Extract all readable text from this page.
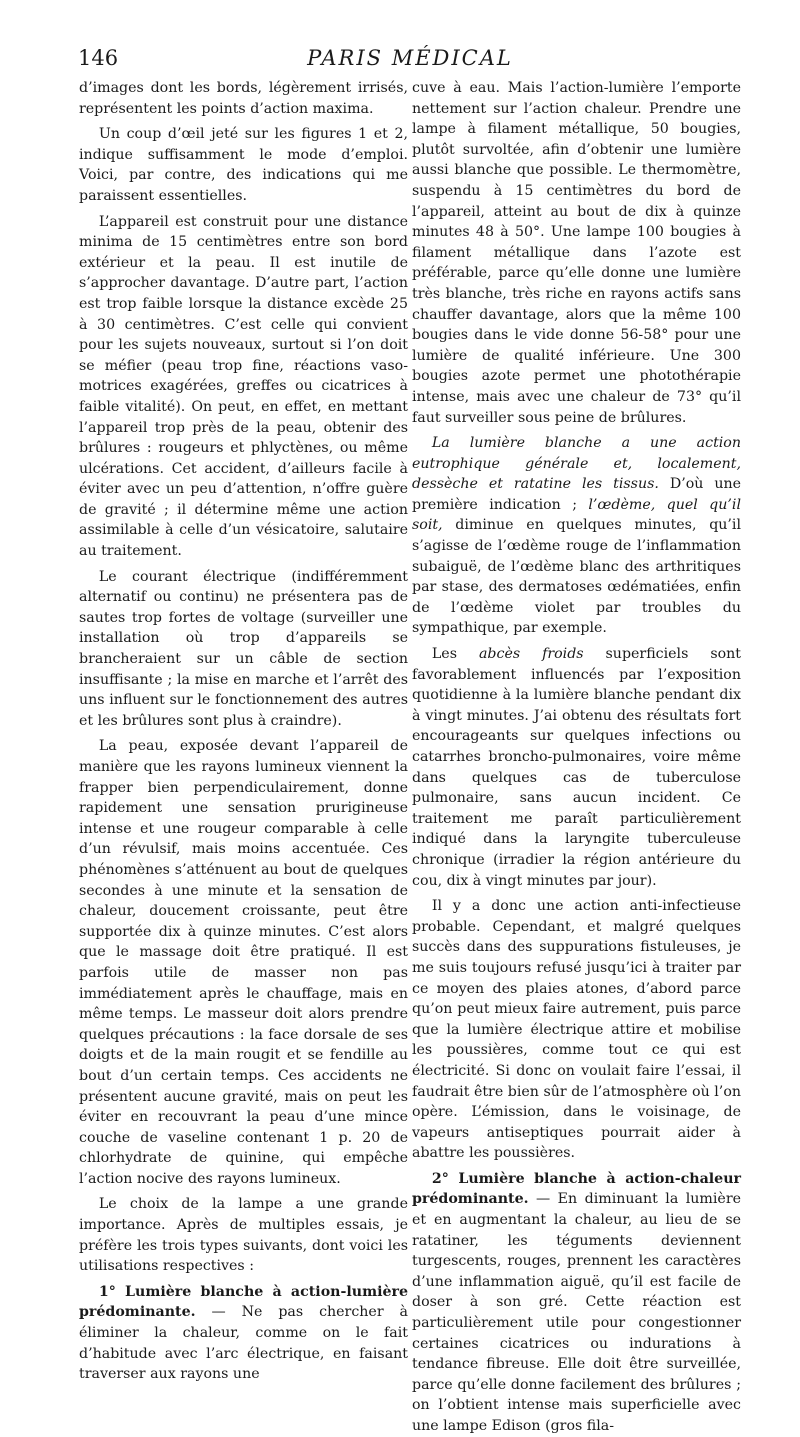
146	PARIS MÉDICAL

d’images dont les bords, légèrement irrisés, représentent les points d’action maxima.

Un coup d’œil jeté sur les figures 1 et 2, indique suffisamment le mode d’emploi. Voici, par contre, des indications qui me paraissent essentielles.

L’appareil est construit pour une distance minima de 15 centimètres entre son bord extérieur et la peau. Il est inutile de s’approcher davantage. D’autre part, l’action est trop faible lorsque la distance excède 25 à 30 centimètres. C’est celle qui convient pour les sujets nouveaux, surtout si l’on doit se méfier (peau trop fine, réactions vaso-motrices exagérées, greffes ou cicatrices à faible vitalité). On peut, en effet, en mettant l’appareil trop près de la peau, obtenir des brûlures : rougeurs et phlyctènes, ou même ulcérations. Cet accident, d’ailleurs facile à éviter avec un peu d’attention, n’offre guère de gravité ; il détermine même une action assimilable à celle d’un vésicatoire, salutaire au traitement.

Le courant électrique (indifféremment alternatif ou continu) ne présentera pas de sautes trop fortes de voltage (surveiller une installation où trop d’appareils se brancheraient sur un câble de section insuffisante ; la mise en marche et l’arrêt des uns influent sur le fonctionnement des autres et les brûlures sont plus à craindre).

La peau, exposée devant l’appareil de manière que les rayons lumineux viennent la frapper bien perpendiculairement, donne rapidement une sensation prurigineuse intense et une rougeur comparable à celle d’un révulsif, mais moins accentuée. Ces phénomènes s’atténuent au bout de quelques secondes à une minute et la sensation de chaleur, doucement croissante, peut être supportée dix à quinze minutes. C’est alors que le massage doit être pratiqué. Il est parfois utile de masser non pas immédiatement après le chauffage, mais en même temps. Le masseur doit alors prendre quelques précautions : la face dorsale de ses doigts et de la main rougit et se fendille au bout d’un certain temps. Ces accidents ne présentent aucune gravité, mais on peut les éviter en recouvrant la peau d’une mince couche de vaseline contenant 1 p. 20 de chlorhydrate de quinine, qui empêche l’action nocive des rayons lumineux.

Le choix de la lampe a une grande importance. Après de multiples essais, je préfère les trois types suivants, dont voici les utilisations respectives :

1° Lumière blanche à action-lumière prédominante. — Ne pas chercher à éliminer la chaleur, comme on le fait d’habitude avec l’arc électrique, en faisant traverser aux rayons une

cuve à eau. Mais l’action-lumière l’emporte nettement sur l’action chaleur. Prendre une lampe à filament métallique, 50 bougies, plutôt survoltée, afin d’obtenir une lumière aussi blanche que possible. Le thermomètre, suspendu à 15 centimètres du bord de l’appareil, atteint au bout de dix à quinze minutes 48 à 50°. Une lampe 100 bougies à filament métallique dans l’azote est préférable, parce qu’elle donne une lumière très blanche, très riche en rayons actifs sans chauffer davantage, alors que la même 100 bougies dans le vide donne 56-58° pour une lumière de qualité inférieure. Une 300 bougies azote permet une photothérapie intense, mais avec une chaleur de 73° qu’il faut surveiller sous peine de brûlures.

La lumière blanche a une action eutrophique générale et, localement, dessèche et ratatine les tissus. D’où une première indication ; l’œdème, quel qu’il soit, diminue en quelques minutes, qu’il s’agisse de l’œdème rouge de l’inflammation subaiguë, de l’œdème blanc des arthritiques par stase, des dermatoses œdématiées, enfin de l’œdème violet par troubles du sympathique, par exemple.

Les abcès froids superficiels sont favorablement influencés par l’exposition quotidienne à la lumière blanche pendant dix à vingt minutes. J’ai obtenu des résultats fort encourageants sur quelques infections ou catarrhes broncho-pulmonaires, voire même dans quelques cas de tuberculose pulmonaire, sans aucun incident. Ce traitement me paraît particulièrement indiqué dans la laryngite tuberculeuse chronique (irradier la région antérieure du cou, dix à vingt minutes par jour).

Il y a donc une action anti-infectieuse probable. Cependant, et malgré quelques succès dans des suppurations fistuleuses, je me suis toujours refusé jusqu’ici à traiter par ce moyen des plaies atones, d’abord parce qu’on peut mieux faire autrement, puis parce que la lumière électrique attire et mobilise les poussières, comme tout ce qui est électricité. Si donc on voulait faire l’essai, il faudrait être bien sûr de l’atmosphère où l’on opère. L’émission, dans le voisinage, de vapeurs antiseptiques pourrait aider à abattre les poussières.

2° Lumière blanche à action-chaleur prédominante. — En diminuant la lumière et en augmentant la chaleur, au lieu de se ratatiner, les téguments deviennent turgescents, rouges, prennent les caractères d’une inflammation aiguë, qu’il est facile de doser à son gré. Cette réaction est particulièrement utile pour congestionner certaines cicatrices ou indurations à tendance fibreuse. Elle doit être surveillée, parce qu’elle donne facilement des brûlures ; on l’obtient intense mais superficielle avec une lampe Edison (gros fila-
